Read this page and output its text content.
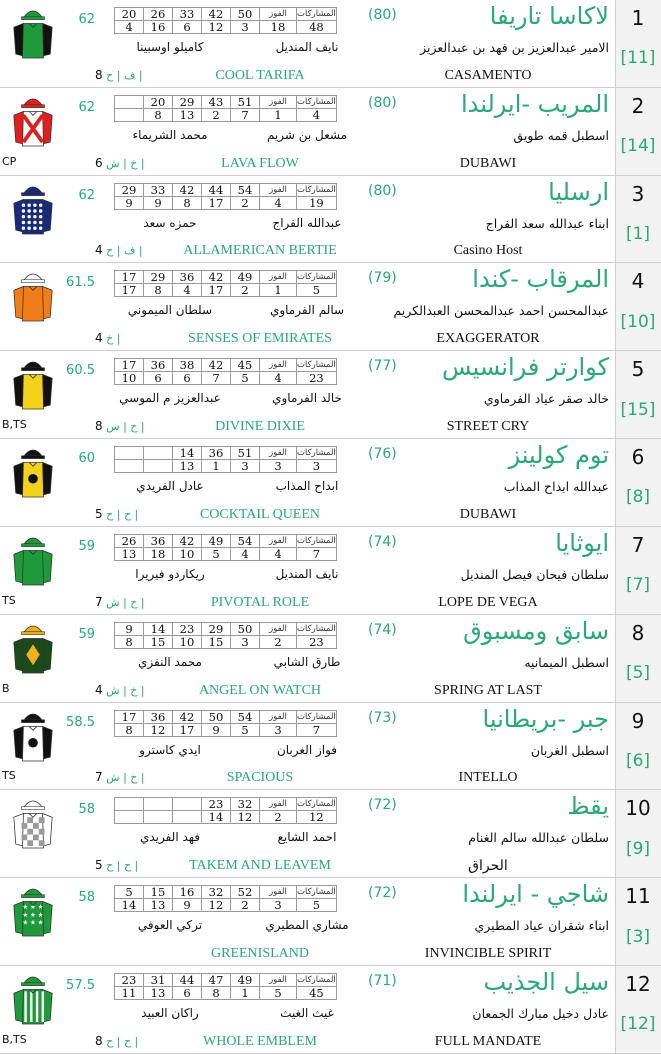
1
[11]
62 20	26	33	42	50	الفوز	المشاركات
4	16	6	12	3	18	48
نايف المنديل
كاميلو اوسبينا
(80)	لاكاسا تاريفا
الامير عبدالعزيز بن فهد بن عبدالعزيز
8 ف | ح |	COOL TARIFA	CASAMENTO
2
[14]
CP
62
		20	29	43	51	الفوز	المشاركات
	8	13	2	7	1	4
مشعل بن شريم
محمد الشريماء
(80)	المريب -ايرلندا
اسطبل قمه طويق
6 خ | ش |	LAVA FLOW	DUBAWI
3
[1]
62 29	33	42	44	54	الفوز	المشاركات
9	9	8	17	2	4	19
عبدالله الفراج
حمزه سعد
(80)	ارسليا
ابناء عبدالله سعد الفراج
4 ف | ح |	ALLAMERICAN BERTIE	Casino Host
4
[10]
61.5 17	29	36	42	49	الفوز	المشاركات
17	8	4	17	2	1	5
سالم الفرماوي
سلطان الميموني
(79)	المرقاب -كندا
عبدالمحسن احمد عبدالمحسن العبدالكريم
4 خ |	SENSES OF EMIRATES	EXAGGERATOR
5
[15]
B,TS
60.5 17	36	38	42	45	الفوز	المشاركات
10	6	6	7	5	4	23
خالد الفرماوي
عبدالعزيز م الموسي
(77) كوارتر فرانسيس
خالد صقر عياد الفرماوي
8 ح | س |	DIVINE DIXIE	STREET CRY
6
[8]
60
			14	36	51	الفوز	المشاركات
		13	1	3	3	3
ابداح المذاب
عادل الفريدي
(76)	توم كولينز
عبدالله ابداح المذاب
5 ح | ح |	COCKTAIL QUEEN	DUBAWI
7
[7]
TS
59 26	36	42	49	54	الفوز	المشاركات
13	18	10	5	4	4	7
نايف المنديل
ريكاردو فيريرا
(74)	ايوثايا
سلطان فيحان فيصل المنديل
7 ح | ش |	PIVOTAL ROLE	LOPE DE VEGA
8
[5]
B
59	9	14	23	29	50	الفوز	المشاركات
8	15	10	15	3	2	23
طارق الشابي
محمد النفزي
(74)	سابق ومسبوق
اسطبل الميمانيه
4 خ | ش |	ANGEL ON WATCH	SPRING AT LAST
9
[6]
TS
58.5 17	36	42	50	54	الفوز	المشاركات
8	12	17	9	5	3	7
فواز الغربان
ايدي كاسترو
(73)	جبر -بريطانيا
اسطبل الغربان
7 خ | ش |	SPACIOUS	INTELLO
10
[9]
58
				23	32	الفوز	المشاركات
			14	12	2	12
احمد الشايع
فهد الفريدي
(72)	يقظ
سلطان عبدالله سالم الغنام
5 ح | ح |	TAKEM AND LEAVEM	الحراق
11
[3]
★ ★ ★
★ ★ ★
★ ★ ★
58	5	15	16	32	52	الفوز	المشاركات
14	13	9	12	2	3	5
مشاري المطيري
تركي العوفي
(72)	شاجي - ايرلندا
ابناء شقران عياد المطيري
GREENISLAND	INVINCIBLE SPIRIT
12
[12]
B,TS
57.5 23	31	44	47	49	الفوز	المشاركات
11	13	6	8	1	5	45
غيث الغيث
راكان العبيد
(71)	سيل الجذيب
عادل دخيل مبارك الجمعان
8 ح | ح |	WHOLE EMBLEM	FULL MANDATE
